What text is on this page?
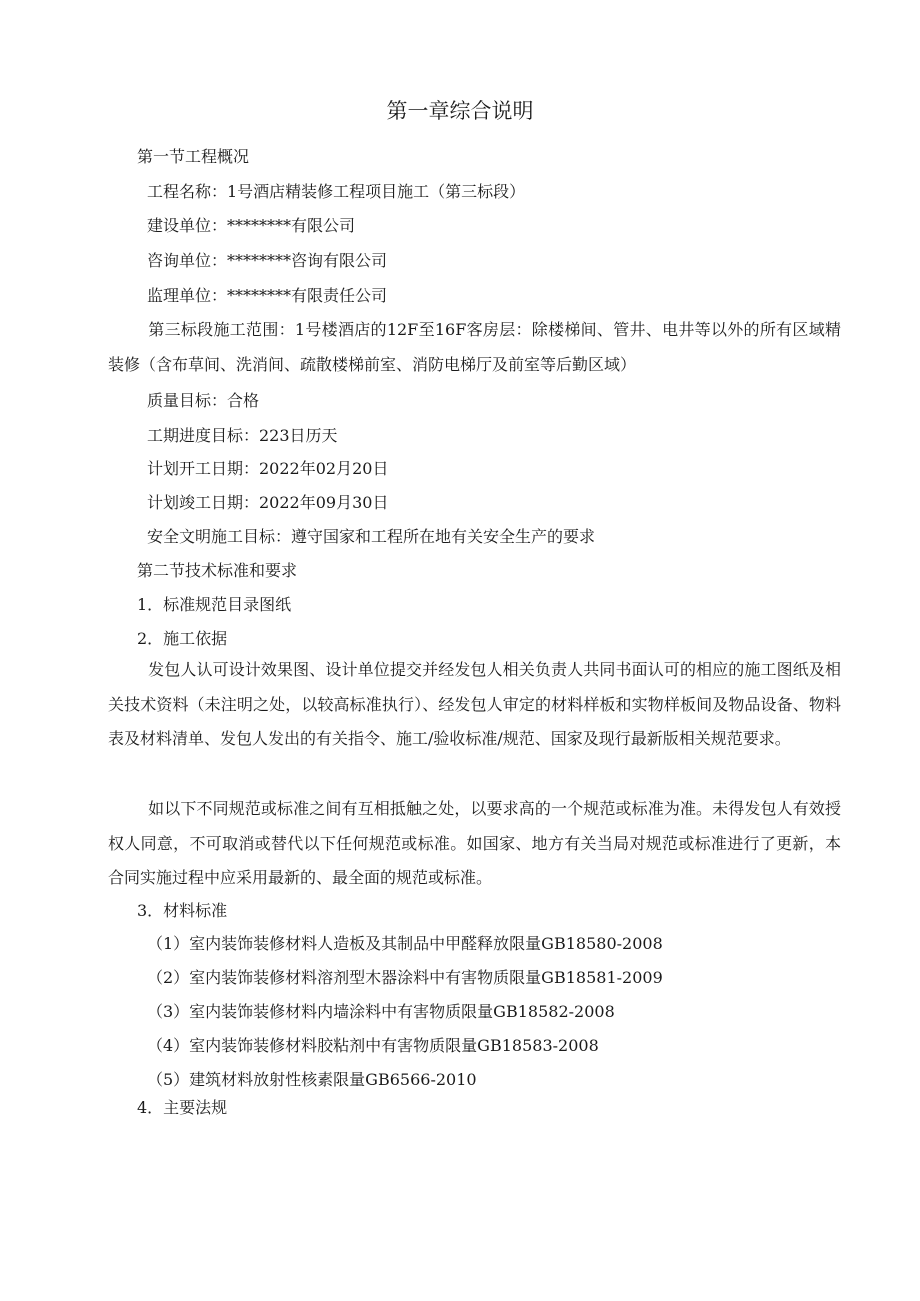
第一章综合说明
第一节工程概况
工程名称：1号酒店精装修工程项目施工（第三标段）
建设单位：********有限公司
咨询单位：********咨询有限公司
监理单位：********有限责任公司
第三标段施工范围：1号楼酒店的12F至16F客房层：除楼梯间、管井、电井等以外的所有区域精装修（含布草间、洗消间、疏散楼梯前室、消防电梯厅及前室等后勤区域）
质量目标：合格
工期进度目标：223日历天
计划开工日期：2022年02月20日
计划竣工日期：2022年09月30日
安全文明施工目标：遵守国家和工程所在地有关安全生产的要求
第二节技术标准和要求
1．标准规范目录图纸
2．施工依据
发包人认可设计效果图、设计单位提交并经发包人相关负责人共同书面认可的相应的施工图纸及相关技术资料（未注明之处，以较高标准执行）、经发包人审定的材料样板和实物样板间及物品设备、物料表及材料清单、发包人发出的有关指令、施工/验收标准/规范、国家及现行最新版相关规范要求。
如以下不同规范或标准之间有互相抵触之处，以要求高的一个规范或标准为准。未得发包人有效授权人同意，不可取消或替代以下任何规范或标准。如国家、地方有关当局对规范或标准进行了更新，本合同实施过程中应采用最新的、最全面的规范或标准。
3．材料标准
（1）室内装饰装修材料人造板及其制品中甲醛释放限量GB18580-2008
（2）室内装饰装修材料溶剂型木器涂料中有害物质限量GB18581-2009
（3）室内装饰装修材料内墙涂料中有害物质限量GB18582-2008
（4）室内装饰装修材料胶粘剂中有害物质限量GB18583-2008
（5）建筑材料放射性核素限量GB6566-2010
4．主要法规
